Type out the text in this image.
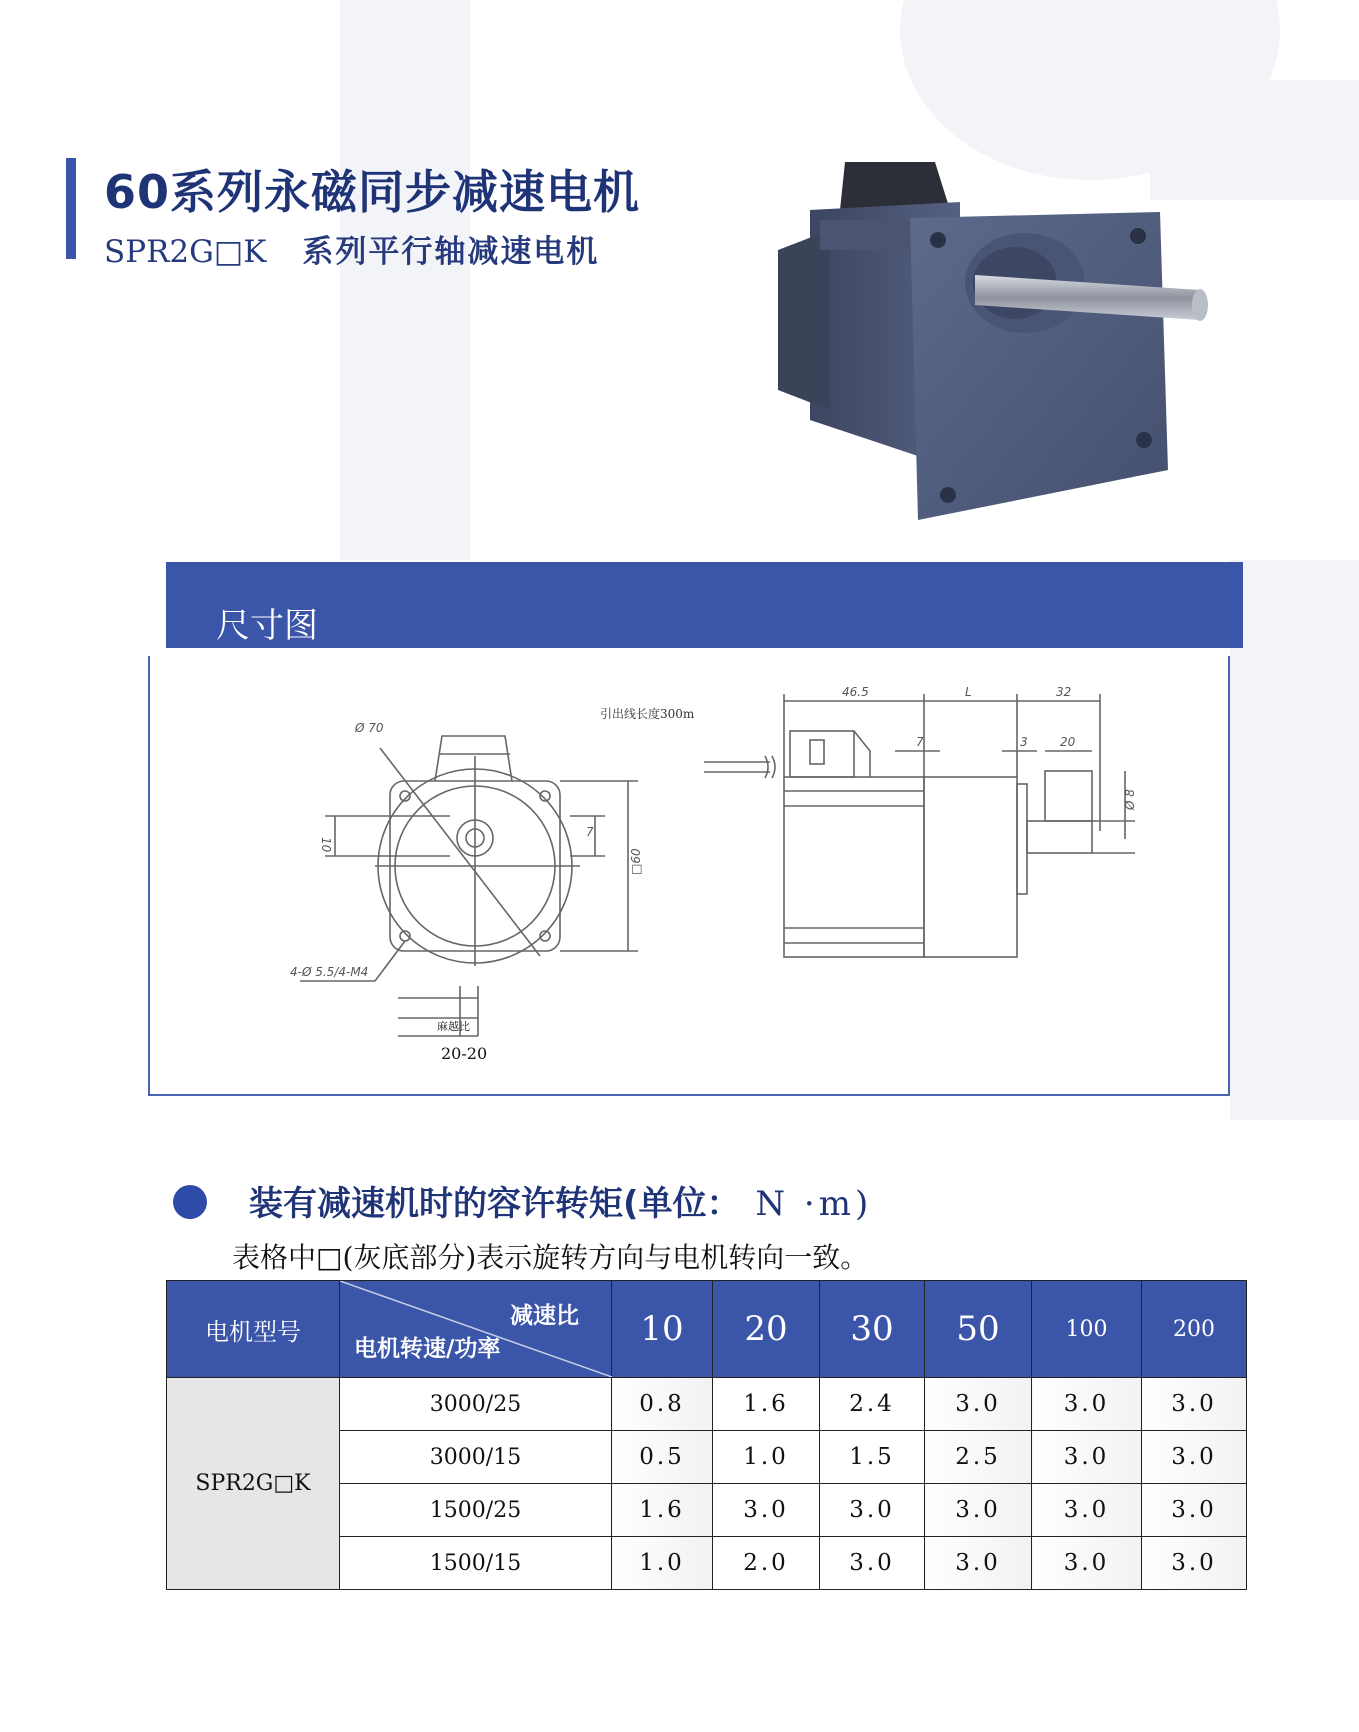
60系列永磁同步减速电机
SPR2G□K 系列平行轴减速电机
尺寸图
Ø 70
10
7
□60
4-Ø 5.5/4-M4
46.5	L	32
7	3	20
Ø 8
引出线长度300m
麻越比
20-20
装有减速机时的容许转矩(单位： N ·m)
表格中□(灰底部分)表示旋转方向与电机转向一致。
电机型号	减速比
电机转速/功率	10	20	30	50	100	200
SPR2G□K	3000/25	0.8	1.6	2.4	3.0	3.0	3.0
	3000/15	0.5	1.0	1.5	2.5	3.0	3.0
	1500/25	1.6	3.0	3.0	3.0	3.0	3.0
	1500/15	1.0	2.0	3.0	3.0	3.0	3.0
